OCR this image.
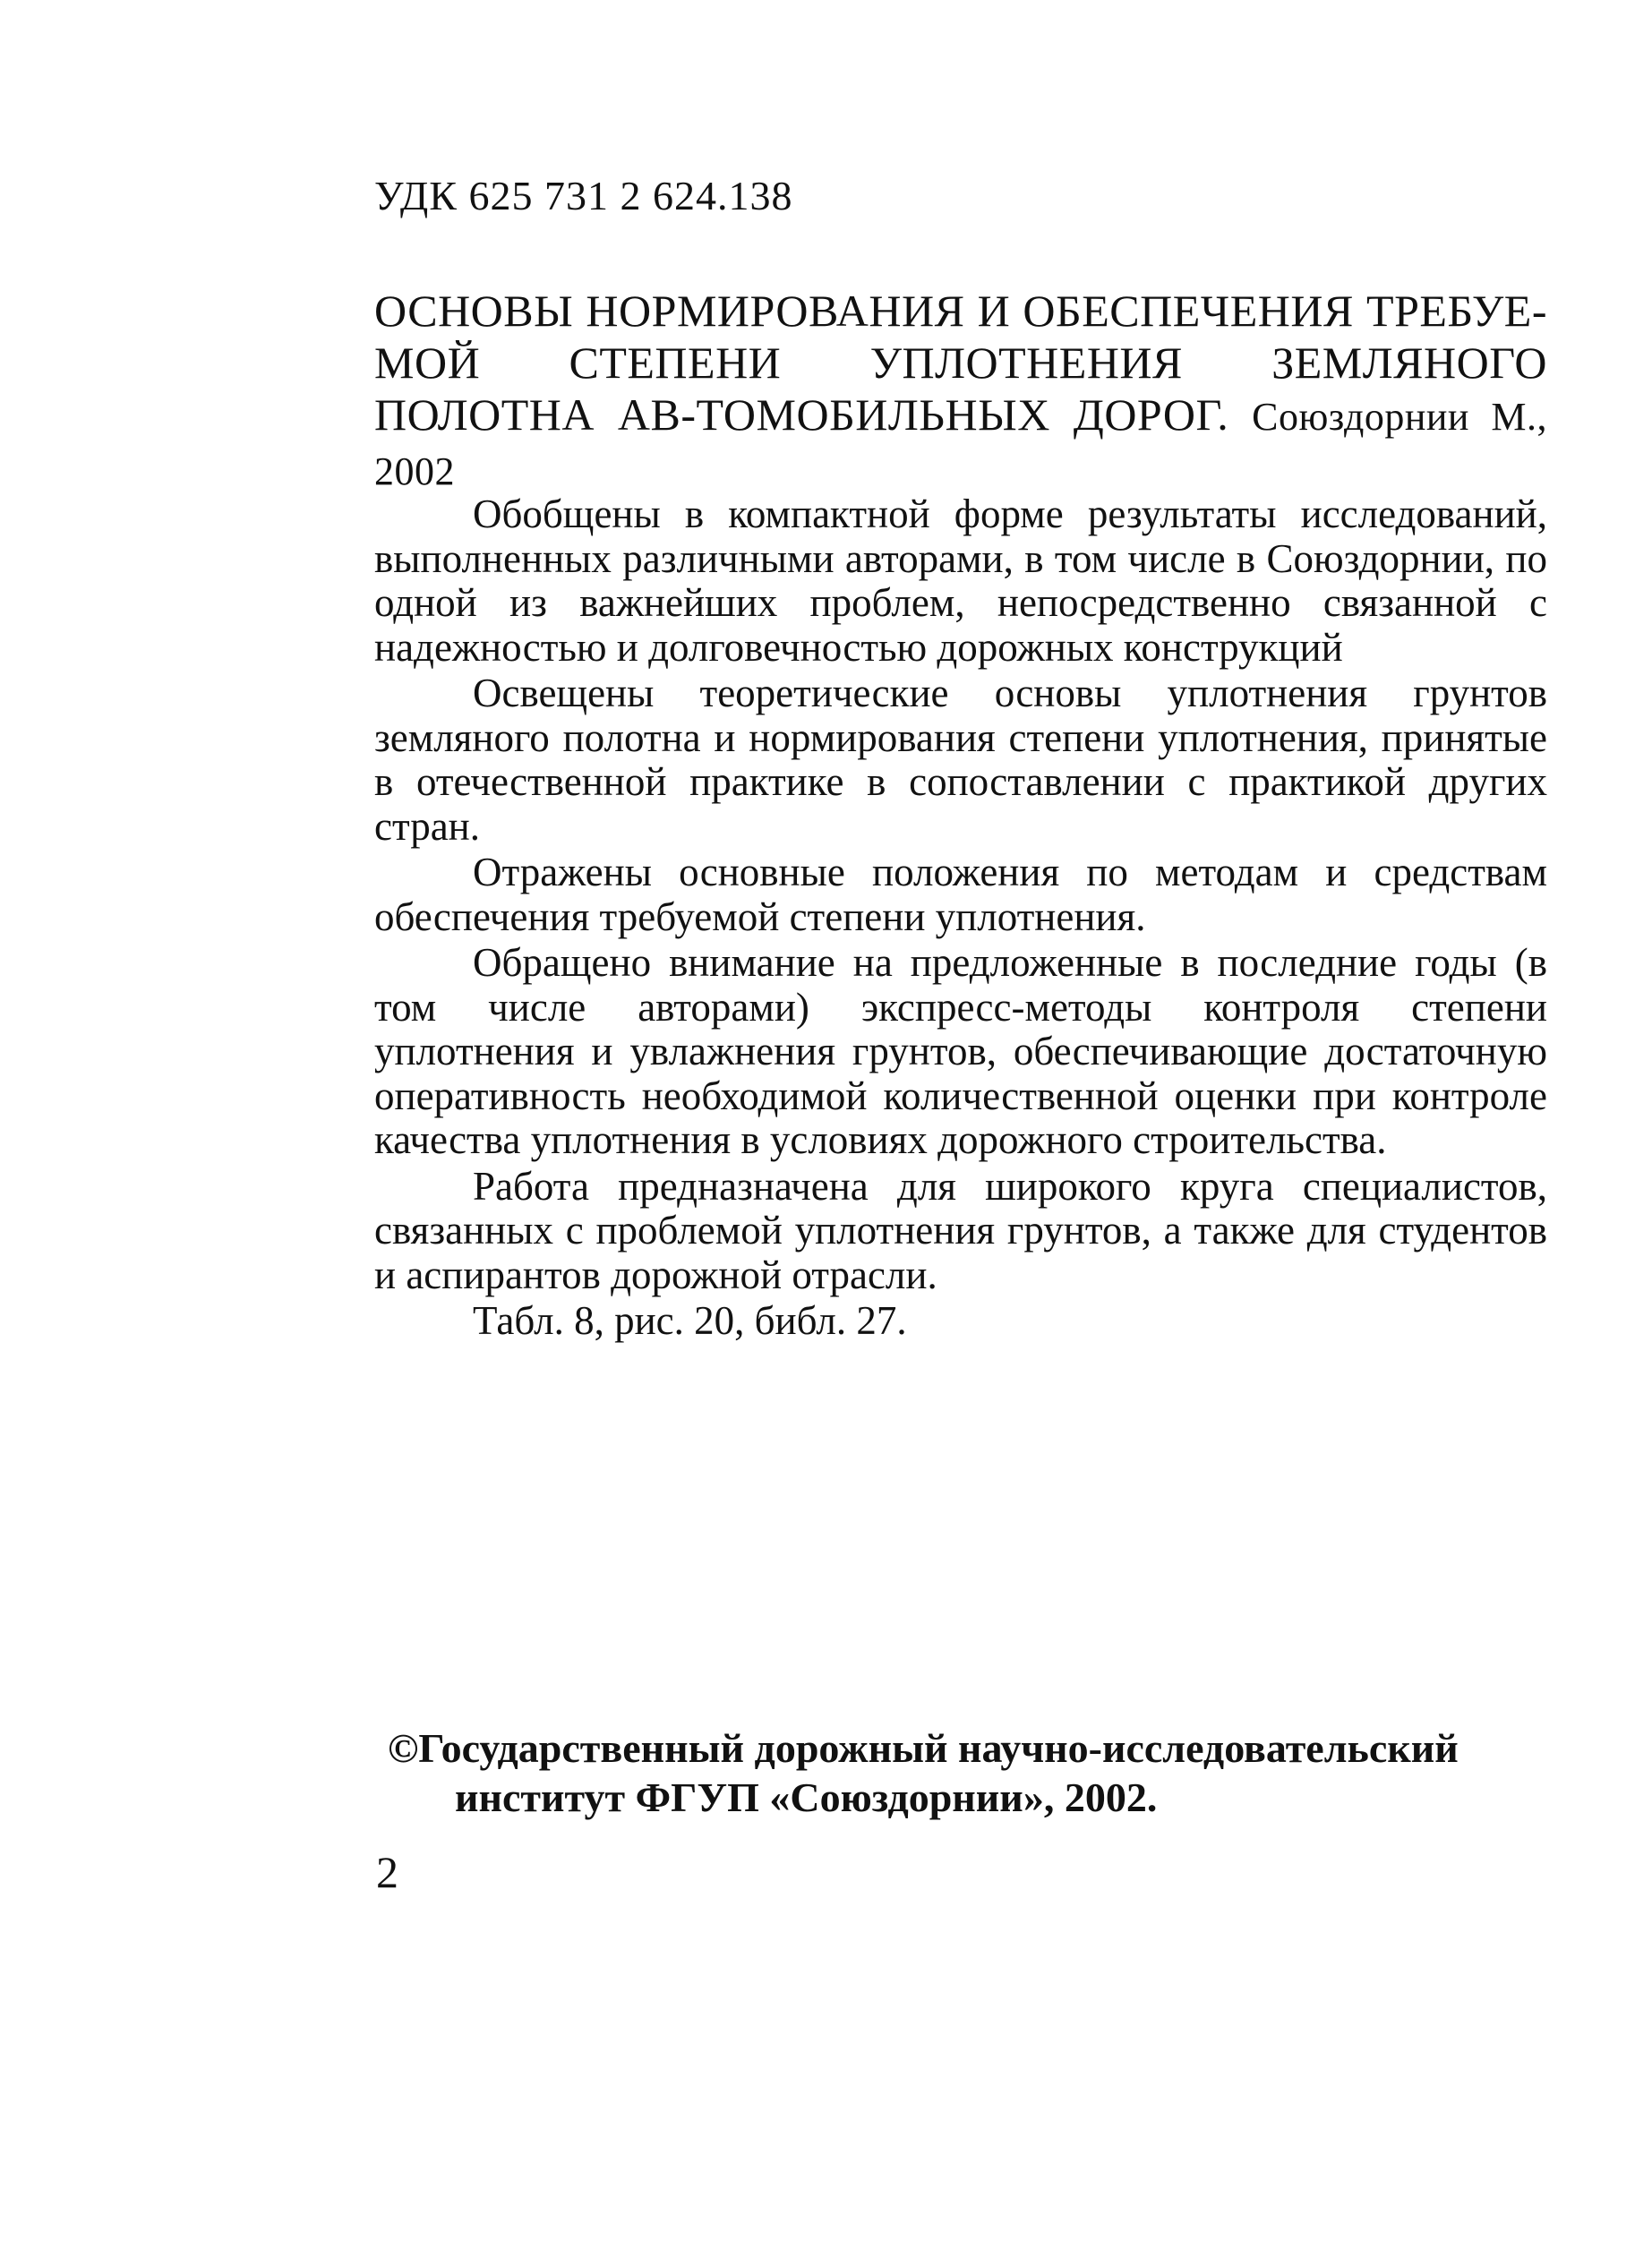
УДК 625 731 2 624.138
ОСНОВЫ НОРМИРОВАНИЯ И ОБЕСПЕЧЕНИЯ ТРЕБУЕ-МОЙ СТЕПЕНИ УПЛОТНЕНИЯ ЗЕМЛЯНОГО ПОЛОТНА АВ-ТОМОБИЛЬНЫХ ДОРОГ. Союздорнии М., 2002

Обобщены в компактной форме результаты исследований, выполненных различными авторами, в том числе в Союздорнии, по одной из важнейших проблем, непосредственно связанной с надежностью и долговечностью дорожных конструкций

Освещены теоретические основы уплотнения грунтов земляного полотна и нормирования степени уплотнения, принятые в отечественной практике в сопоставлении с практикой других стран.

Отражены основные положения по методам и средствам обеспечения требуемой степени уплотнения.

Обращено внимание на предложенные в последние годы (в том числе авторами) экспресс-методы контроля степени уплотнения и увлажнения грунтов, обеспечивающие достаточную оперативность необходимой количественной оценки при контроле качества уплотнения в условиях дорожного строительства.

Работа предназначена для широкого круга специалистов, связанных с проблемой уплотнения грунтов, а также для студентов и аспирантов дорожной отрасли.

Табл. 8, рис. 20, библ. 27.

©Государственный дорожный научно-исследовательский
институт ФГУП «Союздорнии», 2002.
2
